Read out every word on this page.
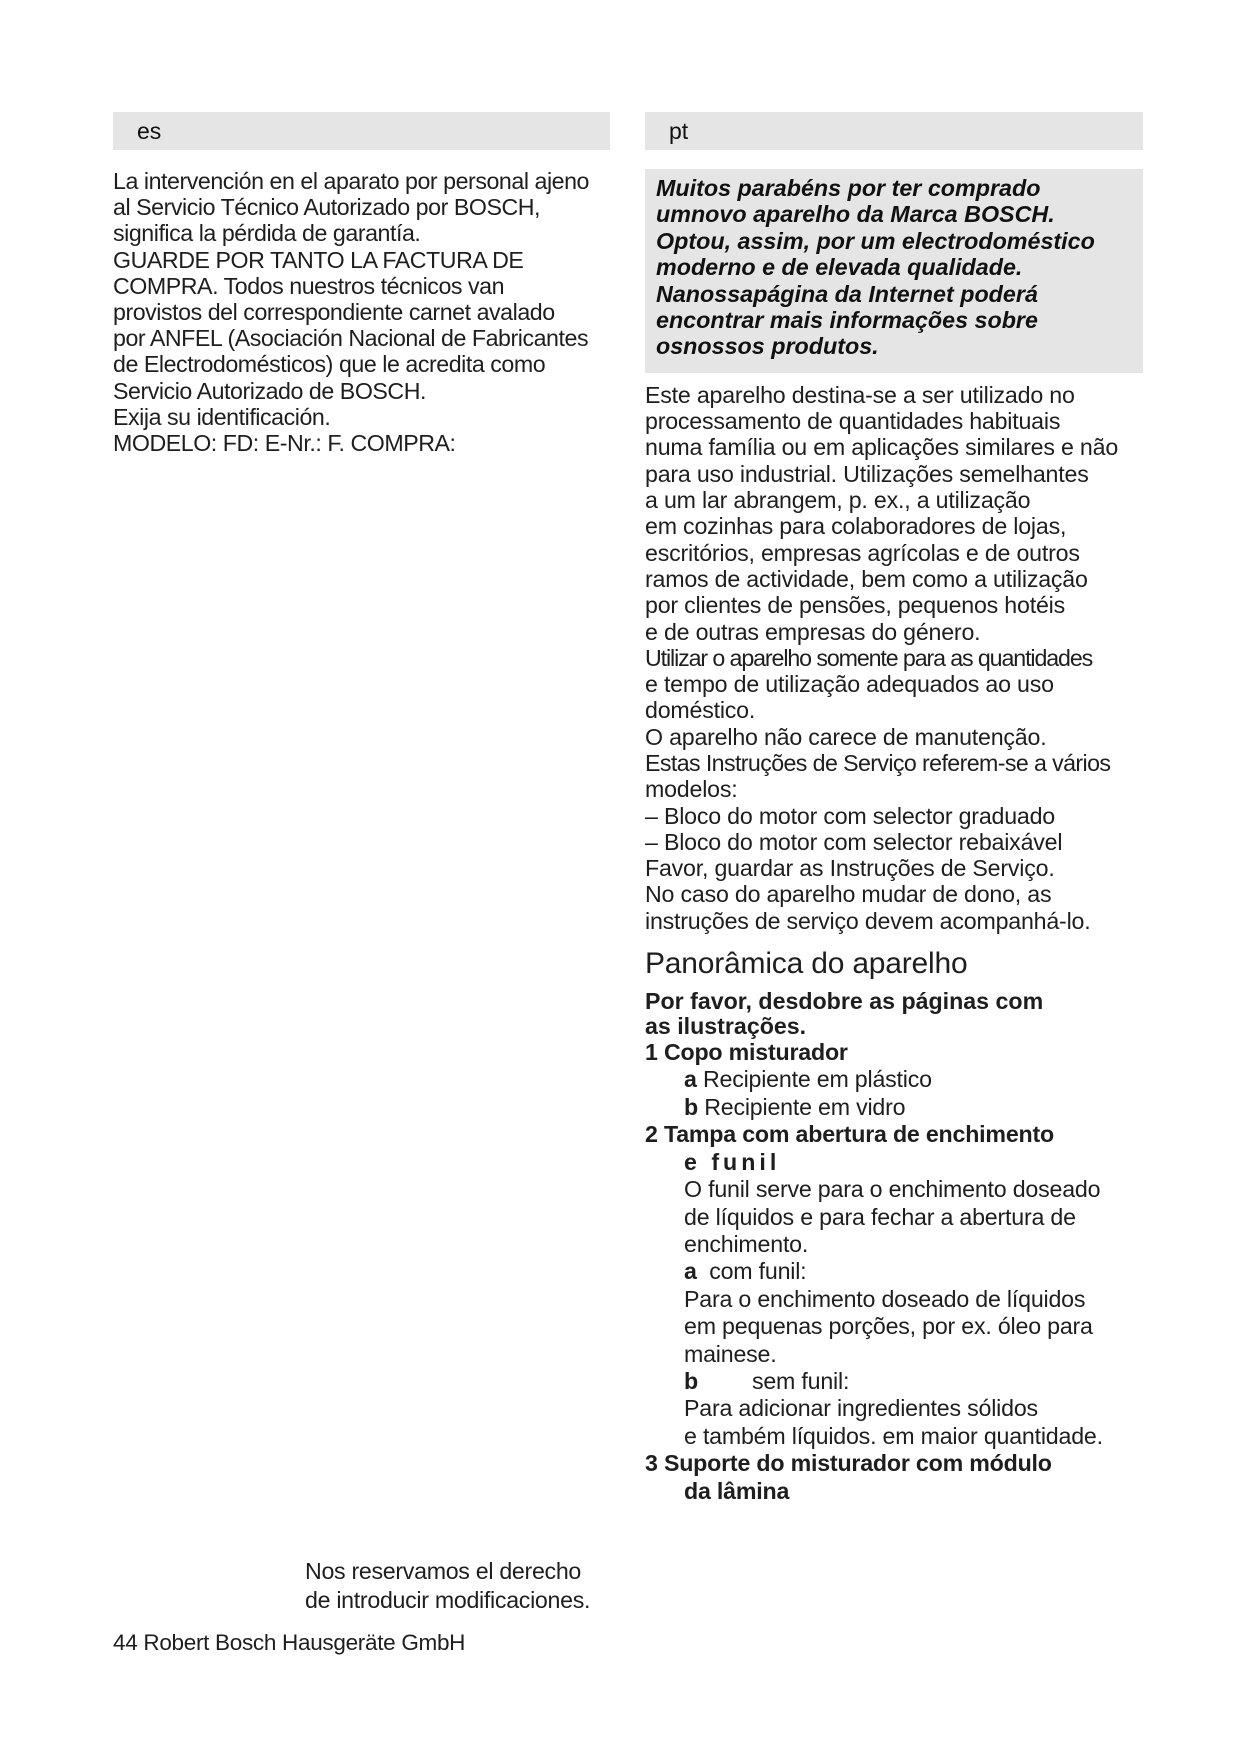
es
La intervención en el aparato por personal ajeno
al Servicio Técnico Autorizado por BOSCH,
significa la pérdida de garantía.
GUARDE POR TANTO LA FACTURA DE
COMPRA. Todos nuestros técnicos van
provistos del correspondiente carnet avalado
por ANFEL (Asociación Nacional de Fabricantes
de Electrodomésticos) que le acredita como
Servicio Autorizado de BOSCH.
Exija su identificación.
MODELO: FD: E-Nr.: F. COMPRA:
Nos reservamos el derecho
de introducir modificaciones.
pt
Muitos parabéns por ter comprado
umnovo aparelho da Marca BOSCH.
Optou, assim, por um electrodoméstico
moderno e de elevada qualidade.
Nanossapágina da Internet poderá
encontrar mais informações sobre
osnossos produtos.
Este aparelho destina-se a ser utilizado no
processamento de quantidades habituais
numa família ou em aplicações similares e não
para uso industrial. Utilizações semelhantes
a um lar abrangem, p. ex., a utilização
em cozinhas para colaboradores de lojas,
escritórios, empresas agrícolas e de outros
ramos de actividade, bem como a utilização
por clientes de pensões, pequenos hotéis
e de outras empresas do género.
Utilizar o aparelho somente para as quantidades
e tempo de utilização adequados ao uso
doméstico.
O aparelho não carece de manutenção.
Estas Instruções de Serviço referem-se a vários
modelos:
– Bloco do motor com selector graduado
– Bloco do motor com selector rebaixável
Favor, guardar as Instruções de Serviço.
No caso do aparelho mudar de dono, as
instruções de serviço devem acompanhá-lo.
Panorâmica do aparelho
Por favor, desdobre as páginas com
as ilustrações.
1 Copo misturador
a Recipiente em plástico
b Recipiente em vidro
2 Tampa com abertura de enchimento
e funil
O funil serve para o enchimento doseado
de líquidos e para fechar a abertura de
enchimento.
a com funil:
Para o enchimento doseado de líquidos
em pequenas porções, por ex. óleo para
mainese.
b sem funil:
Para adicionar ingredientes sólidos
e também líquidos. em maior quantidade.
3 Suporte do misturador com módulo
da lâmina
44 Robert Bosch Hausgeräte GmbH
